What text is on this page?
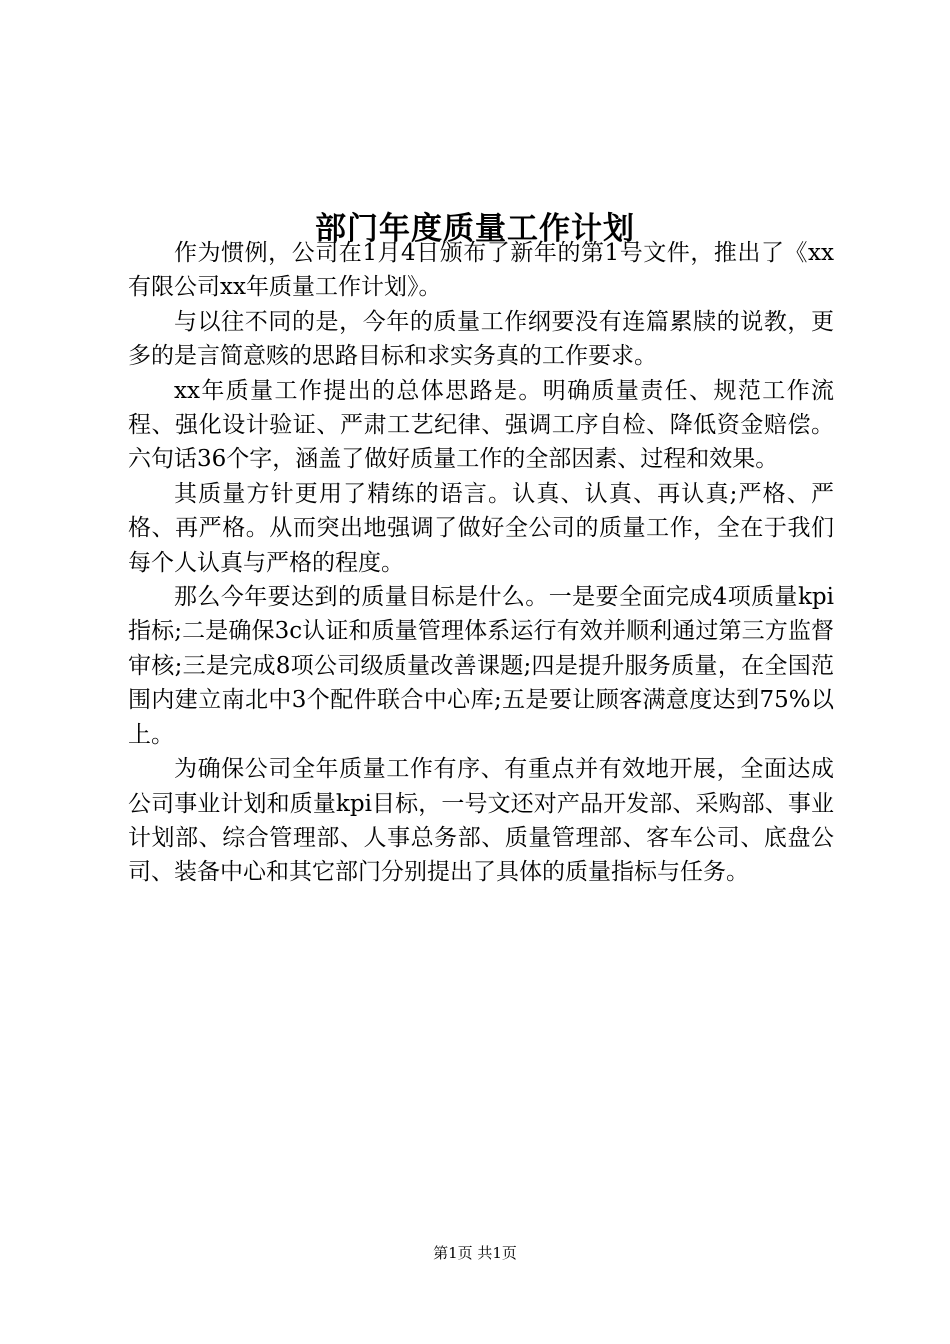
部门年度质量工作计划

作为惯例，公司在1月4日颁布了新年的第1号文件，推出了《xx有限公司xx年质量工作计划》。

与以往不同的是，今年的质量工作纲要没有连篇累牍的说教，更多的是言简意赅的思路目标和求实务真的工作要求。

xx年质量工作提出的总体思路是。明确质量责任、规范工作流程、强化设计验证、严肃工艺纪律、强调工序自检、降低资金赔偿。六句话36个字，涵盖了做好质量工作的全部因素、过程和效果。

其质量方针更用了精练的语言。认真、认真、再认真;严格、严格、再严格。从而突出地强调了做好全公司的质量工作，全在于我们每个人认真与严格的程度。

那么今年要达到的质量目标是什么。一是要全面完成4项质量kpi指标;二是确保3c认证和质量管理体系运行有效并顺利通过第三方监督审核;三是完成8项公司级质量改善课题;四是提升服务质量，在全国范围内建立南北中3个配件联合中心库;五是要让顾客满意度达到75%以上。

为确保公司全年质量工作有序、有重点并有效地开展，全面达成公司事业计划和质量kpi目标，一号文还对产品开发部、采购部、事业计划部、综合管理部、人事总务部、质量管理部、客车公司、底盘公司、装备中心和其它部门分别提出了具体的质量指标与任务。

第1页 共1页
